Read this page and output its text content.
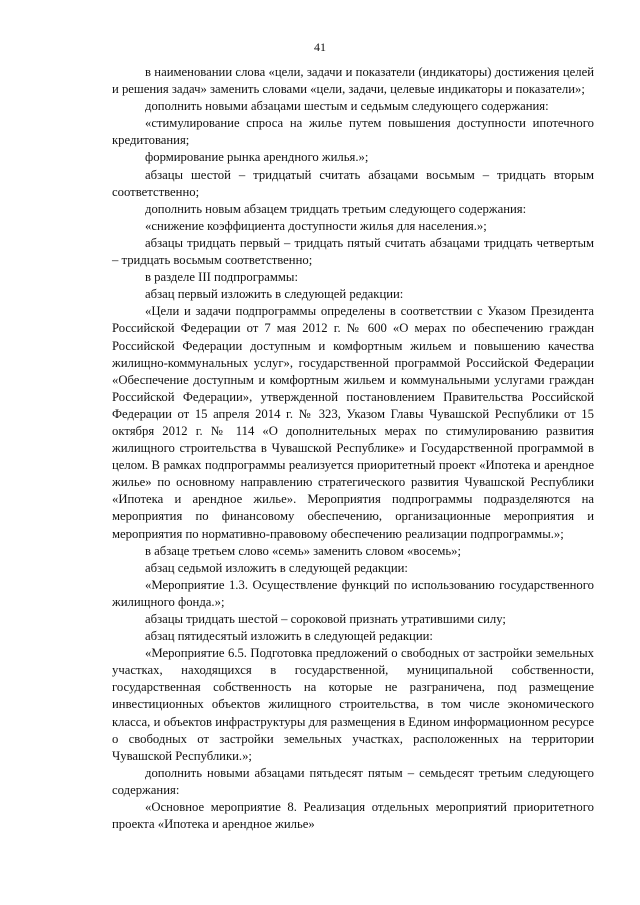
41

в наименовании слова «цели, задачи и показатели (индикаторы) достижения целей и решения задач» заменить словами «цели, задачи, целевые индикаторы и показатели»;

дополнить новыми абзацами шестым и седьмым следующего содержания:

«стимулирование спроса на жилье путем повышения доступности ипотечного кредитования;

формирование рынка арендного жилья.»;

абзацы шестой – тридцатый считать абзацами восьмым – тридцать вторым соответственно;

дополнить новым абзацем тридцать третьим следующего содержания:

«снижение коэффициента доступности жилья для населения.»;

абзацы тридцать первый – тридцать пятый считать абзацами тридцать четвертым – тридцать восьмым соответственно;

в разделе III подпрограммы:

абзац первый изложить в следующей редакции:

«Цели и задачи подпрограммы определены в соответствии с Указом Президента Российской Федерации от 7 мая 2012 г. № 600 «О мерах по обеспечению граждан Российской Федерации доступным и комфортным жильем и повышению качества жилищно-коммунальных услуг», государственной программой Российской Федерации «Обеспечение доступным и комфортным жильем и коммунальными услугами граждан Российской Федерации», утвержденной постановлением Правительства Российской Федерации от 15 апреля 2014 г. № 323, Указом Главы Чувашской Республики от 15 октября 2012 г. № 114 «О дополнительных мерах по стимулированию развития жилищного строительства в Чувашской Республике» и Государственной программой в целом. В рамках подпрограммы реализуется приоритетный проект «Ипотека и арендное жилье» по основному направлению стратегического развития Чувашской Республики «Ипотека и арендное жилье». Мероприятия подпрограммы подразделяются на мероприятия по финансовому обеспечению, организационные мероприятия и мероприятия по нормативно-правовому обеспечению реализации подпрограммы.»;

в абзаце третьем слово «семь» заменить словом «восемь»;

абзац седьмой изложить в следующей редакции:

«Мероприятие 1.3. Осуществление функций по использованию государственного жилищного фонда.»;

абзацы тридцать шестой – сороковой признать утратившими силу;

абзац пятидесятый изложить в следующей редакции:

«Мероприятие 6.5. Подготовка предложений о свободных от застройки земельных участках, находящихся в государственной, муниципальной собственности, государственная собственность на которые не разграничена, под размещение инвестиционных объектов жилищного строительства, в том числе экономического класса, и объектов инфраструктуры для размещения в Едином информационном ресурсе о свободных от застройки земельных участках, расположенных на территории Чувашской Республики.»;

дополнить новыми абзацами пятьдесят пятым – семьдесят третьим следующего содержания:

«Основное мероприятие 8. Реализация отдельных мероприятий приоритетного проекта «Ипотека и арендное жилье»
